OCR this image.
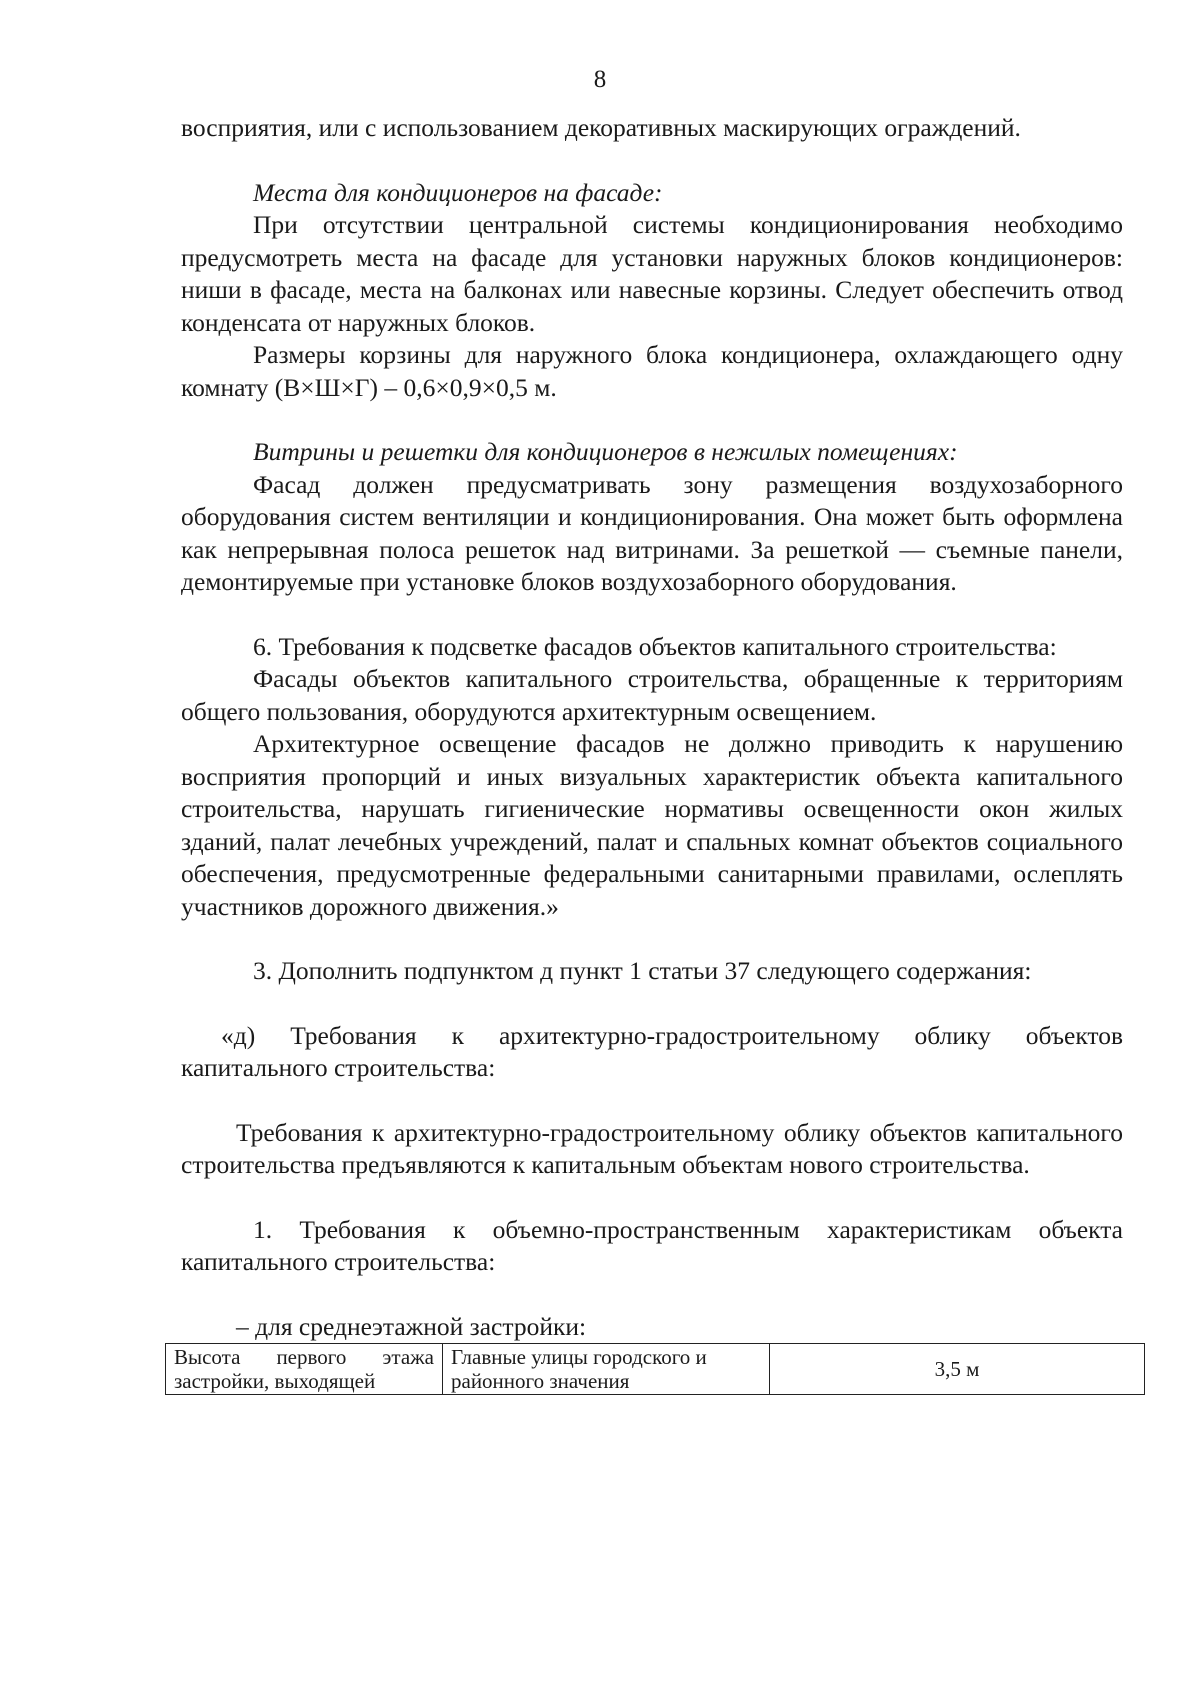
8

восприятия, или с использованием декоративных маскирующих ограждений.

Места для кондиционеров на фасаде:

При отсутствии центральной системы кондиционирования необходимо предусмотреть места на фасаде для установки наружных блоков кондиционеров: ниши в фасаде, места на балконах или навесные корзины. Следует обеспечить отвод конденсата от наружных блоков.

Размеры корзины для наружного блока кондиционера, охлаждающего одну комнату (В×Ш×Г) – 0,6×0,9×0,5 м.

Витрины и решетки для кондиционеров в нежилых помещениях:

Фасад должен предусматривать зону размещения воздухозаборного оборудования систем вентиляции и кондиционирования. Она может быть оформлена как непрерывная полоса решеток над витринами. За решеткой — съемные панели, демонтируемые при установке блоков воздухозаборного оборудования.

6. Требования к подсветке фасадов объектов капитального строительства:

Фасады объектов капитального строительства, обращенные к территориям общего пользования, оборудуются архитектурным освещением.

Архитектурное освещение фасадов не должно приводить к нарушению восприятия пропорций и иных визуальных характеристик объекта капитального строительства, нарушать гигиенические нормативы освещенности окон жилых зданий, палат лечебных учреждений, палат и спальных комнат объектов социального обеспечения, предусмотренные федеральными санитарными правилами, ослеплять участников дорожного движения.»

3. Дополнить подпунктом д пункт 1 статьи 37 следующего содержания:

«д) Требования к архитектурно-градостроительному облику объектов капитального строительства:

Требования к архитектурно-градостроительному облику объектов капитального строительства предъявляются к капитальным объектам нового строительства.

1. Требования к объемно-пространственным характеристикам объекта капитального строительства:

– для среднеэтажной застройки:

Высота первого этажа застройки, выходящей	Главные улицы городского и районного значения	3,5 м
